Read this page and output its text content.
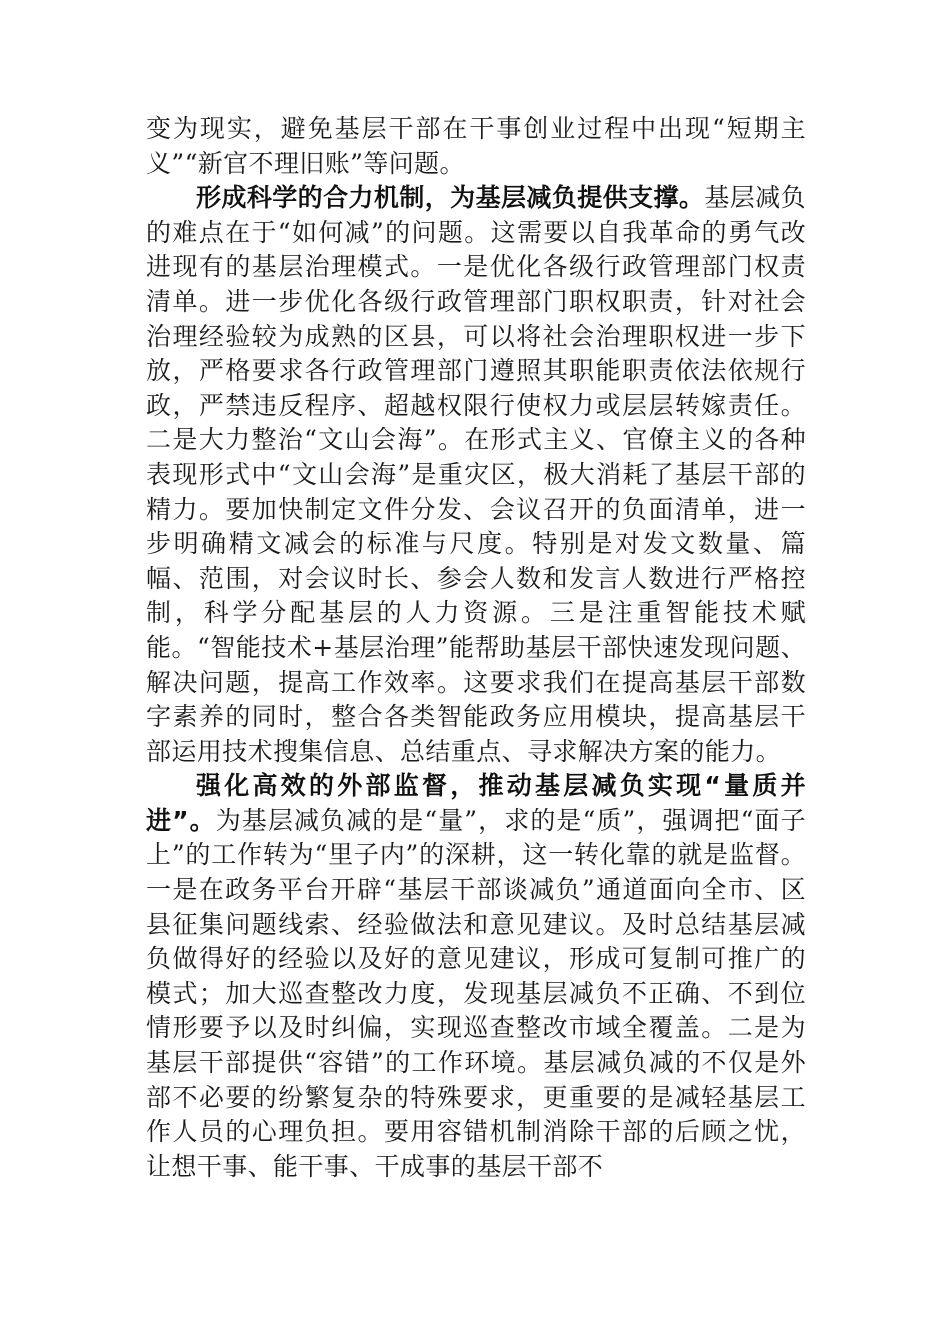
变为现实，避免基层干部在干事创业过程中出现“短期主义”“新官不理旧账”等问题。

形成科学的合力机制，为基层减负提供支撑。基层减负的难点在于“如何减”的问题。这需要以自我革命的勇气改进现有的基层治理模式。一是优化各级行政管理部门权责清单。进一步优化各级行政管理部门职权职责，针对社会治理经验较为成熟的区县，可以将社会治理职权进一步下放，严格要求各行政管理部门遵照其职能职责依法依规行政，严禁违反程序、超越权限行使权力或层层转嫁责任。二是大力整治“文山会海”。在形式主义、官僚主义的各种表现形式中“文山会海”是重灾区，极大消耗了基层干部的精力。要加快制定文件分发、会议召开的负面清单，进一步明确精文减会的标准与尺度。特别是对发文数量、篇幅、范围，对会议时长、参会人数和发言人数进行严格控制，科学分配基层的人力资源。三是注重智能技术赋能。“智能技术+基层治理”能帮助基层干部快速发现问题、解决问题，提高工作效率。这要求我们在提高基层干部数字素养的同时，整合各类智能政务应用模块，提高基层干部运用技术搜集信息、总结重点、寻求解决方案的能力。

强化高效的外部监督，推动基层减负实现“量质并进”。为基层减负减的是“量”，求的是“质”，强调把“面子上”的工作转为“里子内”的深耕，这一转化靠的就是监督。一是在政务平台开辟“基层干部谈减负”通道面向全市、区县征集问题线索、经验做法和意见建议。及时总结基层减负做得好的经验以及好的意见建议，形成可复制可推广的模式；加大巡查整改力度，发现基层减负不正确、不到位情形要予以及时纠偏，实现巡查整改市域全覆盖。二是为基层干部提供“容错”的工作环境。基层减负减的不仅是外部不必要的纷繁复杂的特殊要求，更重要的是减轻基层工作人员的心理负担。要用容错机制消除干部的后顾之忧，让想干事、能干事、干成事的基层干部不
